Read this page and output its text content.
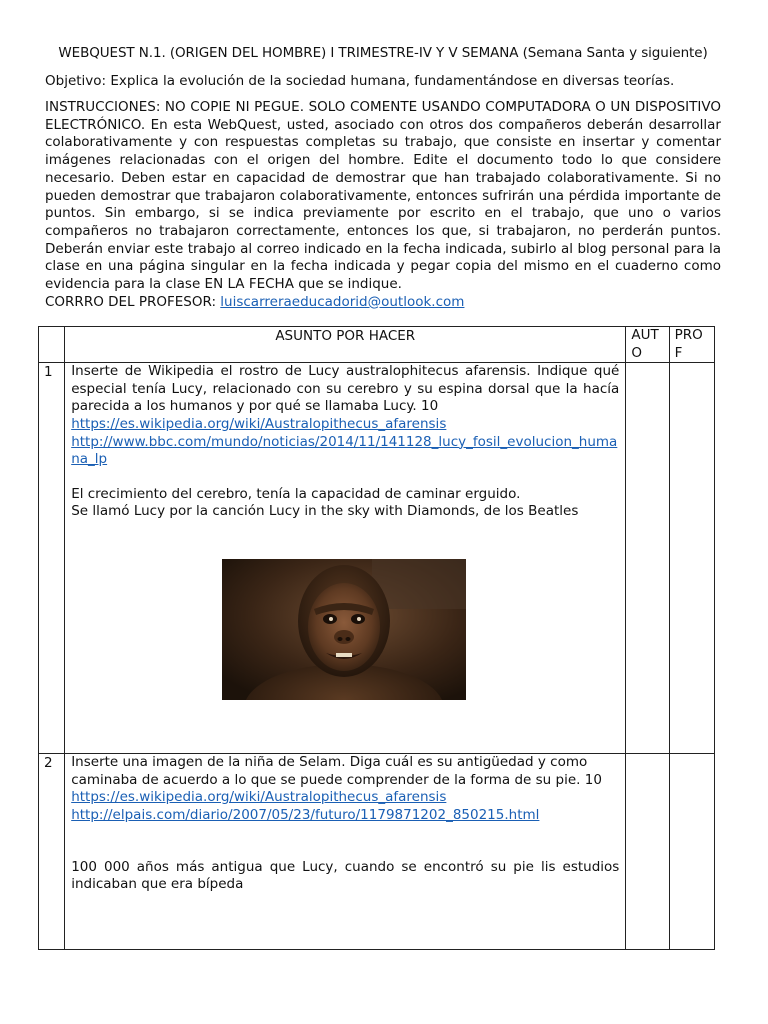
WEBQUEST N.1. (ORIGEN DEL HOMBRE) I TRIMESTRE-IV Y V SEMANA (Semana Santa y siguiente)
Objetivo: Explica la evolución de la sociedad humana, fundamentándose en diversas teorías.

INSTRUCCIONES: NO COPIE NI PEGUE. SOLO COMENTE USANDO COMPUTADORA O UN DISPOSITIVO ELECTRÓNICO. En esta WebQuest, usted, asociado con otros dos compañeros deberán desarrollar colaborativamente y con respuestas completas su trabajo, que consiste en insertar y comentar imágenes relacionadas con el origen del hombre. Edite el documento todo lo que considere necesario. Deben estar en capacidad de demostrar que han trabajado colaborativamente. Si no pueden demostrar que trabajaron colaborativamente, entonces sufrirán una pérdida importante de puntos. Sin embargo, si se indica previamente por escrito en el trabajo, que uno o varios compañeros no trabajaron correctamente, entonces los que, si trabajaron, no perderán puntos. Deberán enviar este trabajo al correo indicado en la fecha indicada, subirlo al blog personal para la clase en una página singular en la fecha indicada y pegar copia del mismo en el cuaderno como evidencia para la clase EN LA FECHA que se indique.

CORRRO DEL PROFESOR: luiscarreraeducadorid@outlook.com
	ASUNTO POR HACER	AUT O	PRO F
1	Inserte de Wikipedia el rostro de Lucy australophitecus afarensis. Indique qué especial tenía Lucy, relacionado con su cerebro y su espina dorsal que la hacía parecida a los humanos y por qué se llamaba Lucy. 10
https://es.wikipedia.org/wiki/Australopithecus_afarensis
http://www.bbc.com/mundo/noticias/2014/11/141128_lucy_fosil_evolucion_humana_lp
El crecimiento del cerebro, tenía la capacidad de caminar erguido.
Se llamó Lucy por la canción Lucy in the sky with Diamonds, de los Beatles		

2	Inserte una imagen de la niña de Selam. Diga cuál es su antigüedad y como caminaba de acuerdo a lo que se puede comprender de la forma de su pie. 10
https://es.wikipedia.org/wiki/Australopithecus_afarensis
http://elpais.com/diario/2007/05/23/futuro/1179871202_850215.html
100 000 años más antigua que Lucy, cuando se encontró su pie lis estudios indicaban que era bípeda		
